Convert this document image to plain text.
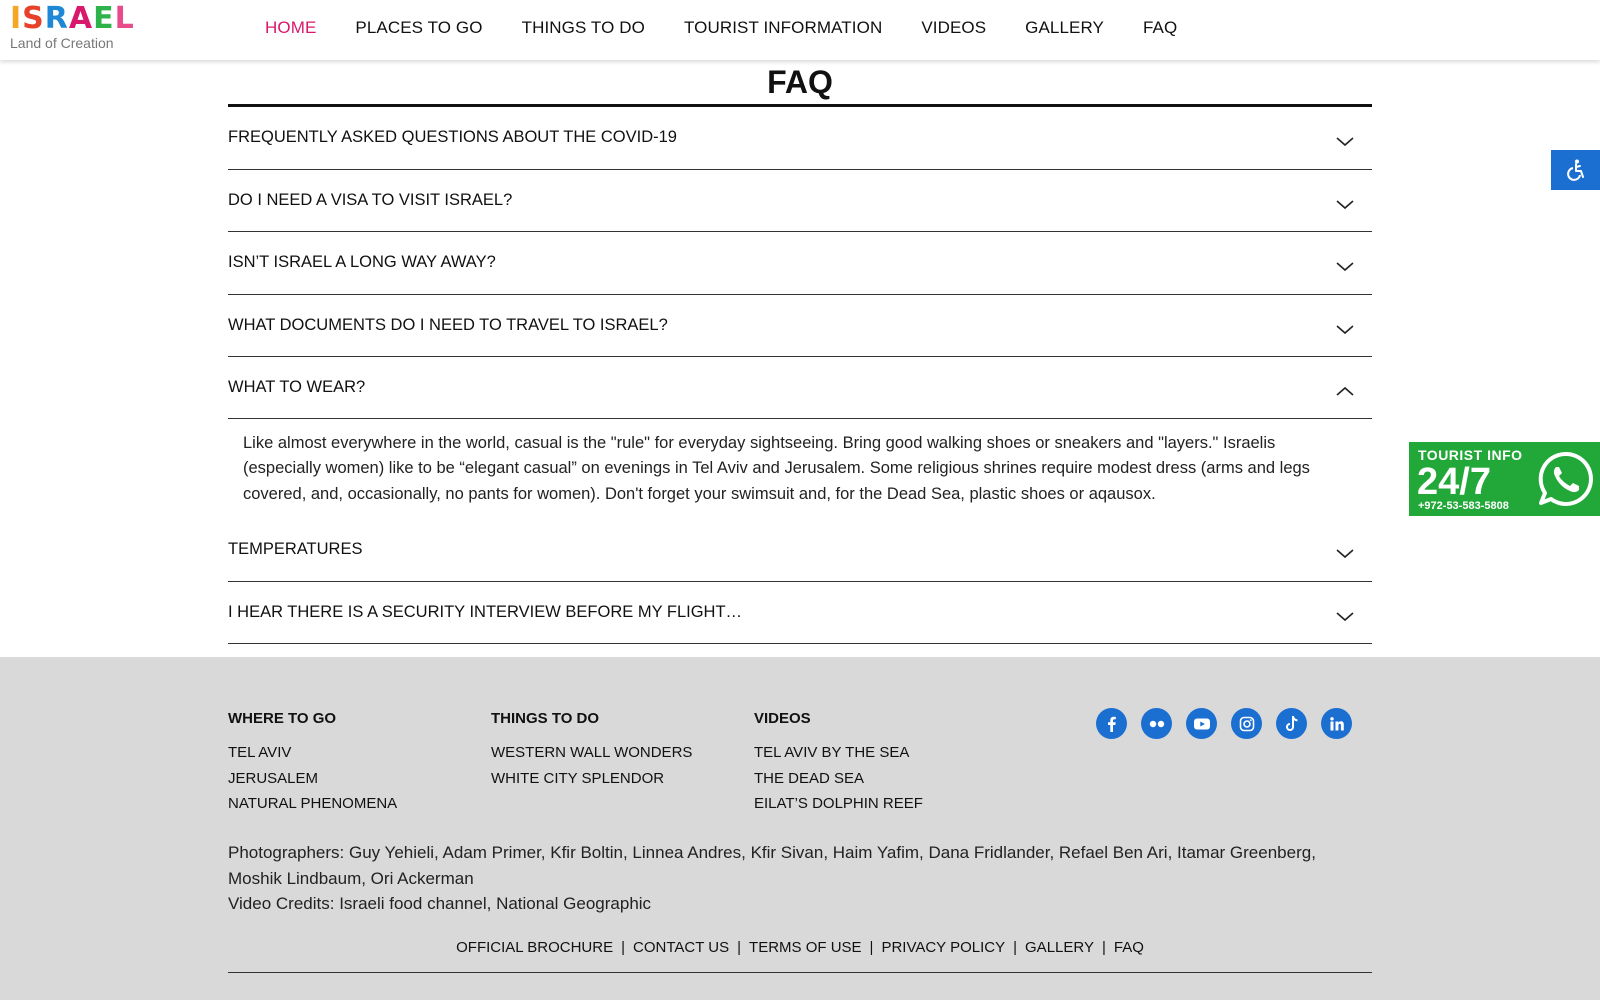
I S R A E L
Land of Creation
HOME PLACES TO GO THINGS TO DO TOURIST INFORMATION VIDEOS GALLERY FAQ
FAQ
FREQUENTLY ASKED QUESTIONS ABOUT THE COVID-19
DO I NEED A VISA TO VISIT ISRAEL?
ISN’T ISRAEL A LONG WAY AWAY?
WHAT DOCUMENTS DO I NEED TO TRAVEL TO ISRAEL?
WHAT TO WEAR?
Like almost everywhere in the world, casual is the "rule" for everyday sightseeing. Bring good walking shoes or sneakers and "layers." Israelis (especially women) like to be “elegant casual” on evenings in Tel Aviv and Jerusalem. Some religious shrines require modest dress (arms and legs covered, and, occasionally, no pants for women). Don't forget your swimsuit and, for the Dead Sea, plastic shoes or aqausox.
TEMPERATURES
I HEAR THERE IS A SECURITY INTERVIEW BEFORE MY FLIGHT…
TOURIST INFO
24/7
+972-53-583-5808
WHERE TO GO
TEL AVIV
JERUSALEM
NATURAL PHENOMENA
THINGS TO DO
WESTERN WALL WONDERS
WHITE CITY SPLENDOR
VIDEOS
TEL AVIV BY THE SEA
THE DEAD SEA
EILAT’S DOLPHIN REEF
Photographers: Guy Yehieli, Adam Primer, Kfir Boltin, Linnea Andres, Kfir Sivan, Haim Yafim, Dana Fridlander, Refael Ben Ari, Itamar Greenberg, Moshik Lindbaum, Ori Ackerman
Video Credits: Israeli food channel, National Geographic
OFFICIAL BROCHURE | CONTACT US | TERMS OF USE | PRIVACY POLICY | GALLERY | FAQ
